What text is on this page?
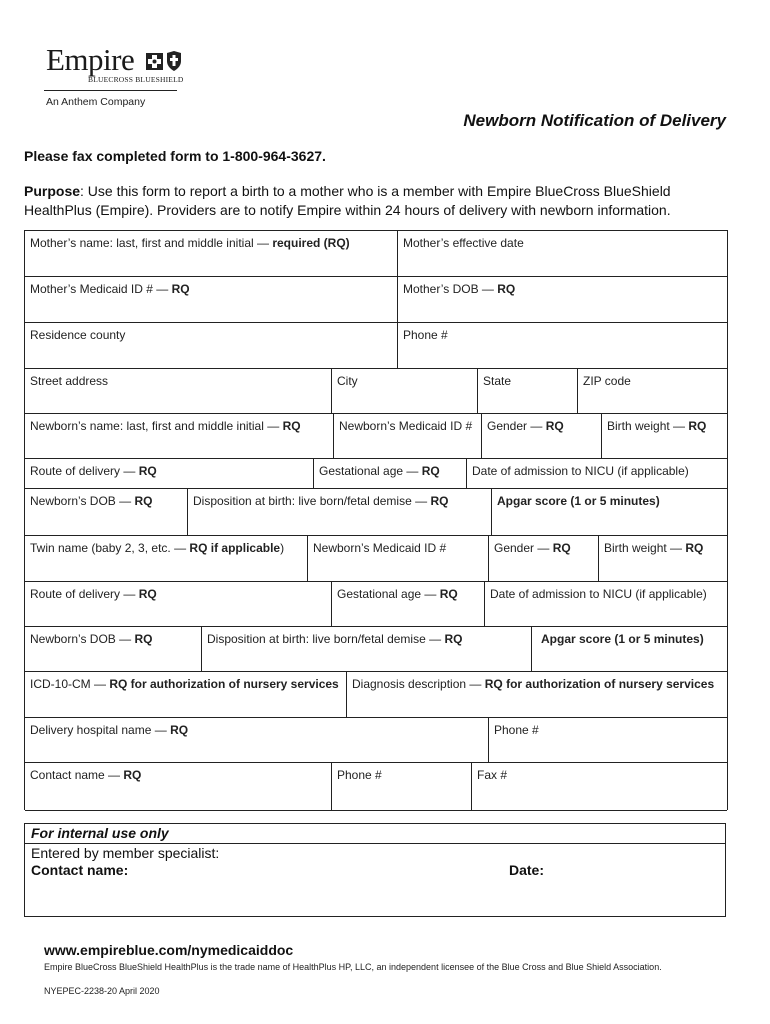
Empire
BLUECROSS BLUESHIELD
An Anthem Company
Newborn Notification of Delivery
Please fax completed form to 1-800-964-3627.
Purpose: Use this form to report a birth to a mother who is a member with Empire BlueCross BlueShield HealthPlus (Empire). Providers are to notify Empire within 24 hours of delivery with newborn information.
Mother’s name: last, first and middle initial — required (RQ)	Mother’s effective date
Mother’s Medicaid ID # — RQ	Mother’s DOB — RQ
Residence county	Phone #
Street address	City	State	ZIP code
Newborn’s name: last, first and middle initial — RQ	Newborn’s Medicaid ID #	Gender — RQ	Birth weight — RQ
Route of delivery — RQ	Gestational age — RQ	Date of admission to NICU (if applicable)
Newborn’s DOB — RQ	Disposition at birth: live born/fetal demise — RQ	Apgar score (1 or 5 minutes)
Twin name (baby 2, 3, etc. — RQ if applicable)	Newborn’s Medicaid ID #	Gender — RQ	Birth weight — RQ
Route of delivery — RQ	Gestational age — RQ	Date of admission to NICU (if applicable)
Newborn’s DOB — RQ	Disposition at birth: live born/fetal demise — RQ	Apgar score (1 or 5 minutes)
ICD-10-CM — RQ for authorization of nursery services	Diagnosis description — RQ for authorization of nursery services
Delivery hospital name — RQ	Phone #
Contact name — RQ	Phone #	Fax #
For internal use only
Entered by member specialist:
Contact name:	Date:
www.empireblue.com/nymedicaiddoc
Empire BlueCross BlueShield HealthPlus is the trade name of HealthPlus HP, LLC, an independent licensee of the Blue Cross and Blue Shield Association.
NYEPEC-2238-20 April 2020
